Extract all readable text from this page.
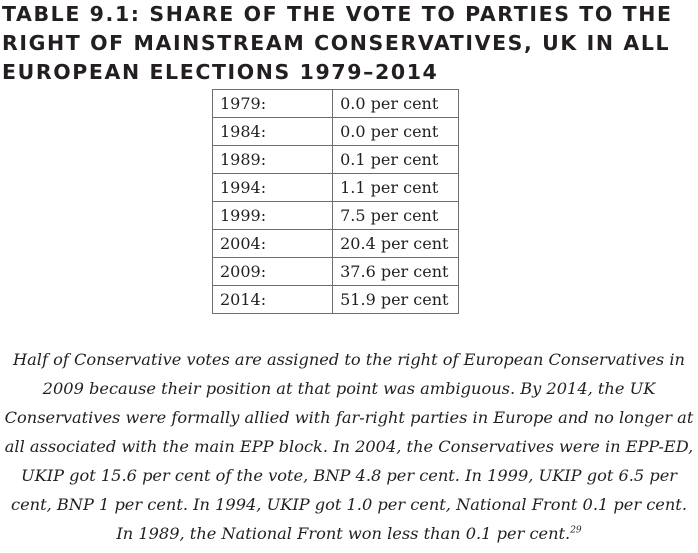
TABLE 9.1: SHARE OF THE VOTE TO PARTIES TO THE RIGHT OF MAINSTREAM CONSERVATIVES, UK IN ALL EUROPEAN ELECTIONS 1979–2014
1979:	0.0 per cent
1984:	0.0 per cent
1989:	0.1 per cent
1994:	1.1 per cent
1999:	7.5 per cent
2004:	20.4 per cent
2009:	37.6 per cent
2014:	51.9 per cent

Half of Conservative votes are assigned to the right of European Conservatives in 2009 because their position at that point was ambiguous. By 2014, the UK Conservatives were formally allied with far-right parties in Europe and no longer at all associated with the main EPP block. In 2004, the Conservatives were in EPP-ED, UKIP got 15.6 per cent of the vote, BNP 4.8 per cent. In 1999, UKIP got 6.5 per cent, BNP 1 per cent. In 1994, UKIP got 1.0 per cent, National Front 0.1 per cent. In 1989, the National Front won less than 0.1 per cent.$^{29}$
